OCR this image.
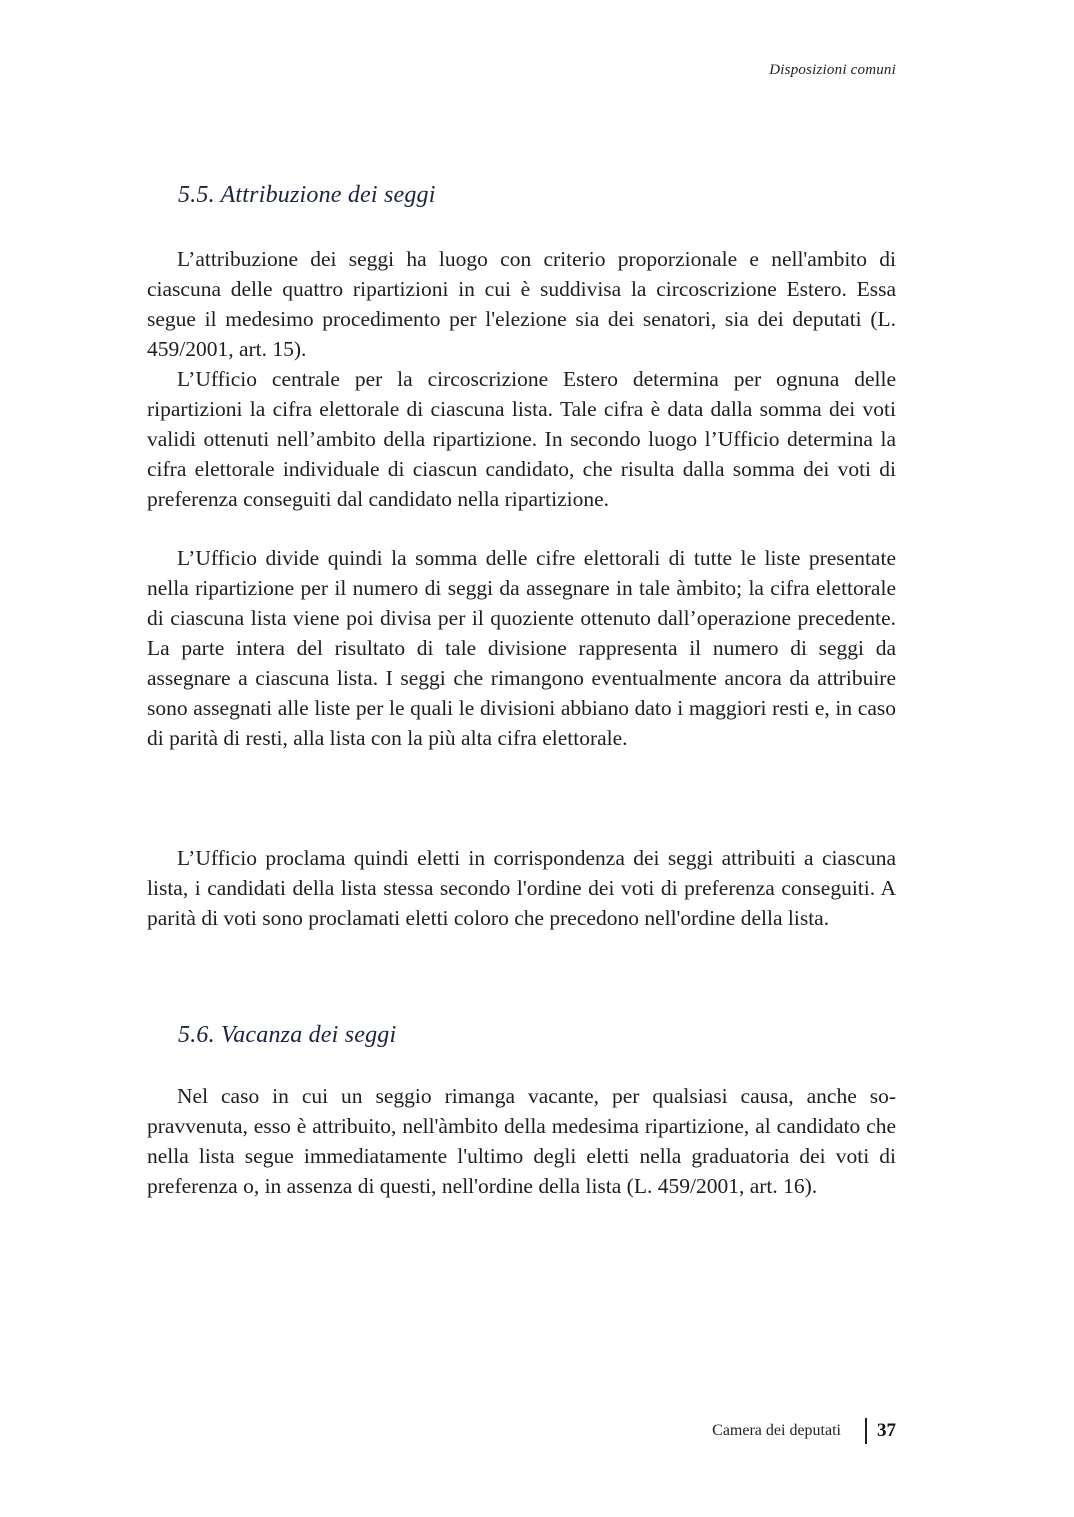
Disposizioni comuni
5.5. Attribuzione dei seggi

L’attribuzione dei seggi ha luogo con criterio proporzionale e nell'ambito di ciascuna delle quattro ripartizioni in cui è suddivisa la circoscrizione Estero. Essa segue il medesimo procedimento per l'elezione sia dei senatori, sia dei deputati (L. 459/2001, art. 15).

L’Ufficio centrale per la circoscrizione Estero determina per ognuna delle ripartizioni la cifra elettorale di ciascuna lista. Tale cifra è data dalla somma dei voti validi ottenuti nell’ambito della ripartizione. In secondo luogo l’Ufficio determina la cifra elettorale individuale di ciascun candidato, che risulta dalla somma dei voti di preferenza conseguiti dal candidato nella ripartizione.

L’Ufficio divide quindi la somma delle cifre elettorali di tutte le liste presentate nella ripartizione per il numero di seggi da assegnare in tale àmbito; la cifra elettorale di ciascuna lista viene poi divisa per il quoziente ottenuto dall’operazione precedente. La parte intera del risultato di tale divisione rappresenta il numero di seggi da assegnare a ciascuna lista. I seggi che rimangono eventualmente ancora da attribuire sono assegnati alle liste per le quali le divisioni abbiano dato i maggiori resti e, in caso di parità di resti, alla lista con la più alta cifra elettorale.

L’Ufficio proclama quindi eletti in corrispondenza dei seggi attribuiti a ciascuna lista, i candidati della lista stessa secondo l'ordine dei voti di preferenza conseguiti. A parità di voti sono proclamati eletti coloro che precedono nell'ordine della lista.

5.6. Vacanza dei seggi

Nel caso in cui un seggio rimanga vacante, per qualsiasi causa, anche sopravvenuta, esso è attribuito, nell'àmbito della medesima ripartizione, al candidato che nella lista segue immediatamente l'ultimo degli eletti nella graduatoria dei voti di preferenza o, in assenza di questi, nell'ordine della lista (L. 459/2001, art. 16).

Camera dei deputati 37
